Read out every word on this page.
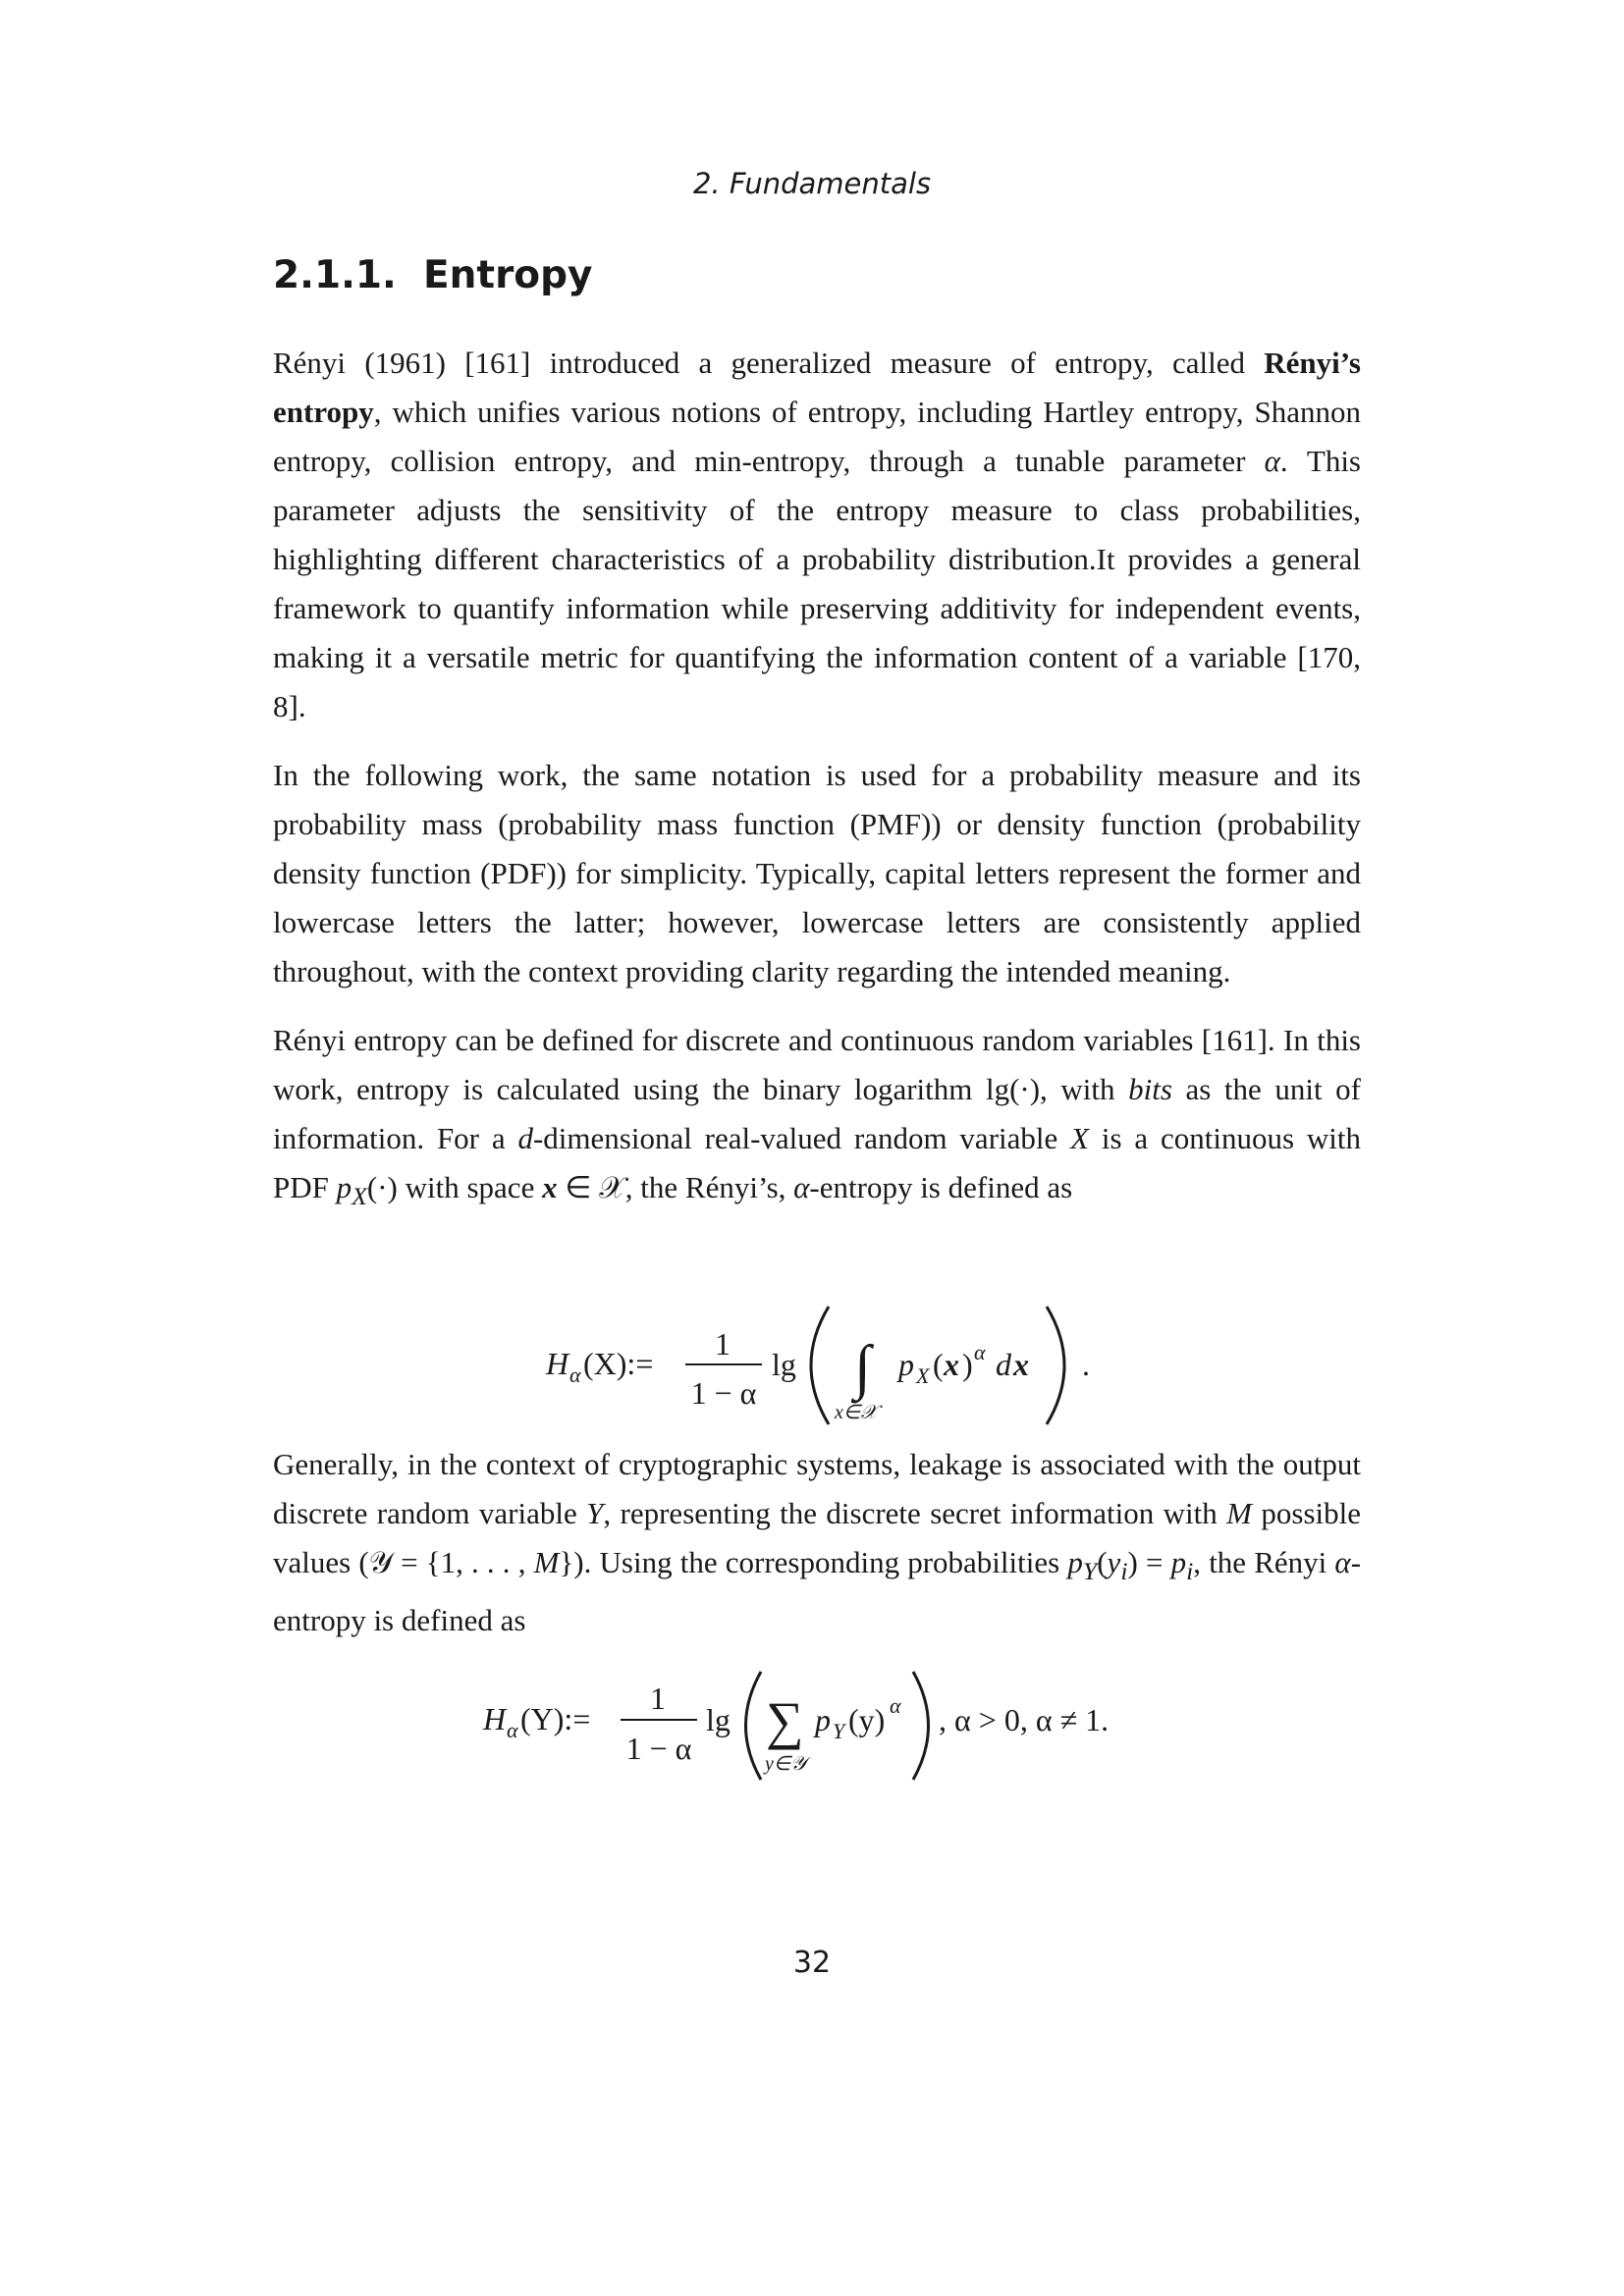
2. Fundamentals
2.1.1. Entropy

Rényi (1961) [161] introduced a generalized measure of entropy, called Rényi’s entropy, which unifies various notions of entropy, including Hartley entropy, Shannon entropy, collision entropy, and min-entropy, through a tunable parameter α. This parameter adjusts the sensitivity of the entropy measure to class probabilities, highlighting different characteristics of a probability distribution.It provides a general framework to quantify information while preserving additivity for independent events, making it a versatile metric for quantifying the information content of a variable [170, 8].

In the following work, the same notation is used for a probability measure and its probability mass (probability mass function (PMF)) or density function (probability density function (PDF)) for simplicity. Typically, capital letters represent the former and lowercase letters the latter; however, lowercase letters are consistently applied throughout, with the context providing clarity regarding the intended meaning.

Rényi entropy can be defined for discrete and continuous random variables [161]. In this work, entropy is calculated using the binary logarithm lg(·), with bits as the unit of information. For a d-dimensional real-valued random variable X is a continuous with PDF $p_X(\cdot)$ with space x ∈ 𝒳, the Rényi’s, α-entropy is defined as

H α (X):=
1
1 − α
lg ∫
x∈𝒳
p X ( x ) α d x .

Generally, in the context of cryptographic systems, leakage is associated with the output discrete random variable Y, representing the discrete secret information with M possible values (𝒴 = {1, . . . , M}). Using the corresponding probabilities $p_Y(y_i) = p_i$, the Rényi α-entropy is defined as

H α (Y):=
1
1 − α
lg ∑
y∈𝒴
p Y (y) α , α > 0, α ≠ 1.
32
